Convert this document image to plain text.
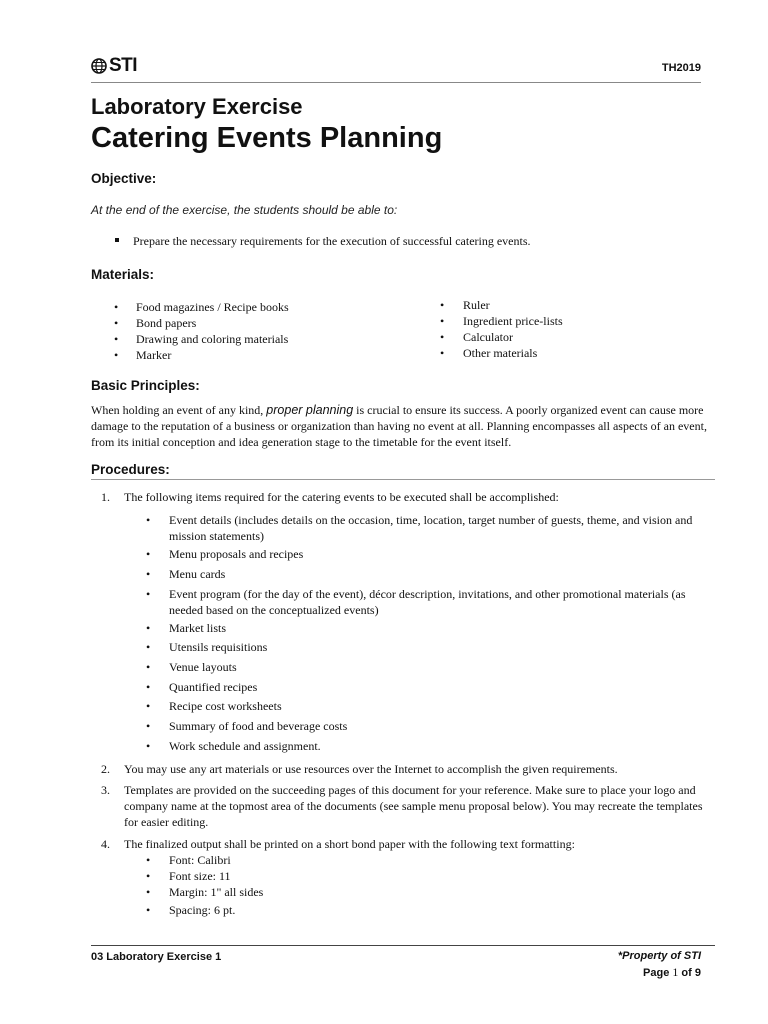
STI	TH2019
Laboratory Exercise
Catering Events Planning
Objective:
At the end of the exercise, the students should be able to:
Prepare the necessary requirements for the execution of successful catering events.
Materials:
•	Food magazines / Recipe books
•	Bond papers
•	Drawing and coloring materials
•	Marker
•	Ruler
•	Ingredient price-lists
•	Calculator
•	Other materials
Basic Principles:
When holding an event of any kind, proper planning is crucial to ensure its success. A poorly organized event can cause more damage to the reputation of a business or organization than having no event at all. Planning encompasses all aspects of an event, from its initial conception and idea generation stage to the timetable for the event itself.
Procedures:
1. The following items required for the catering events to be executed shall be accomplished:
•	Event details (includes details on the occasion, time, location, target number of guests, theme, and vision and mission statements)
•	Menu proposals and recipes
•	Menu cards
•	Event program (for the day of the event), décor description, invitations, and other promotional materials (as needed based on the conceptualized events)
•	Market lists
•	Utensils requisitions
•	Venue layouts
•	Quantified recipes
•	Recipe cost worksheets
•	Summary of food and beverage costs
•	Work schedule and assignment.
2. You may use any art materials or use resources over the Internet to accomplish the given requirements.
3. Templates are provided on the succeeding pages of this document for your reference. Make sure to place your logo and company name at the topmost area of the documents (see sample menu proposal below). You may recreate the templates for easier editing.
4. The finalized output shall be printed on a short bond paper with the following text formatting:
•	Font: Calibri
•	Font size: 11
•	Margin: 1" all sides
•	Spacing: 6 pt.
03 Laboratory Exercise 1	*Property of STI
Page 1 of 9
